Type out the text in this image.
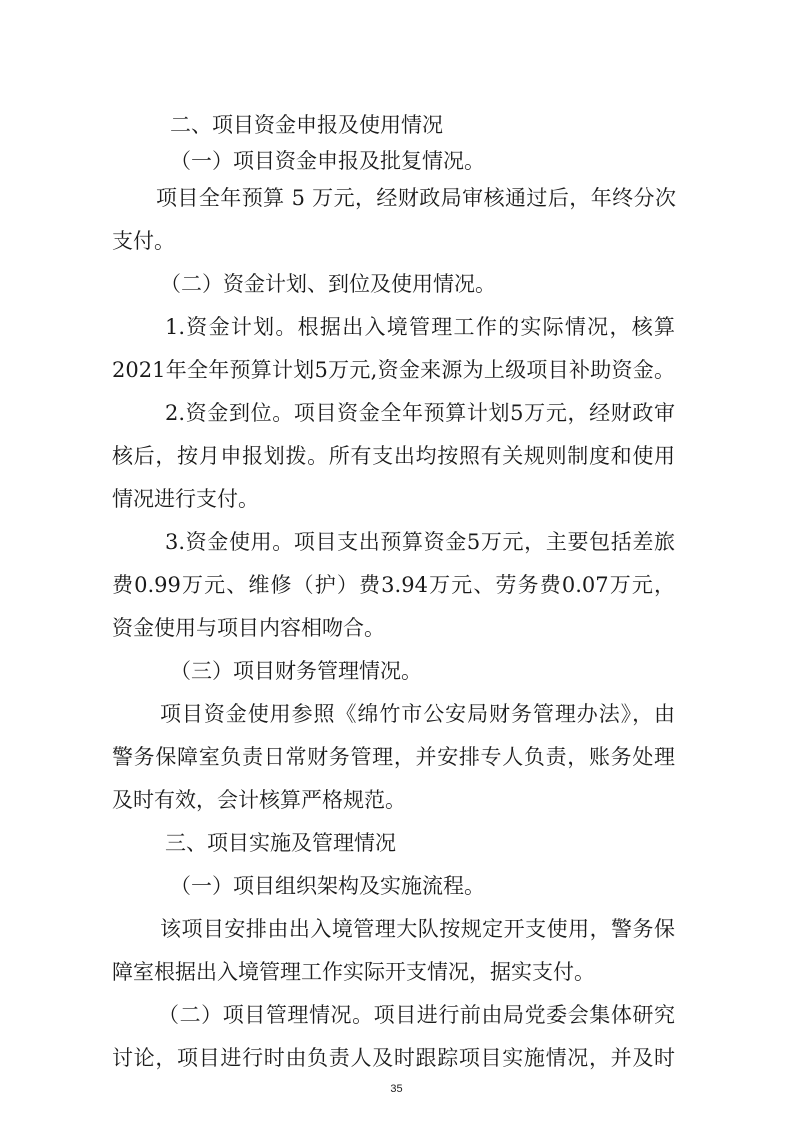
二、项目资金申报及使用情况
（一）项目资金申报及批复情况。
项目全年预算 5 万元，经财政局审核通过后，年终分次
支付。
（二）资金计划、到位及使用情况。
1.资金计划。根据出入境管理工作的实际情况，核算
2021年全年预算计划5万元,资金来源为上级项目补助资金。
2.资金到位。项目资金全年预算计划5万元，经财政审
核后，按月申报划拨。所有支出均按照有关规则制度和使用
情况进行支付。
3.资金使用。项目支出预算资金5万元，主要包括差旅
费0.99万元、维修（护）费3.94万元、劳务费0.07万元，
资金使用与项目内容相吻合。
（三）项目财务管理情况。
项目资金使用参照《绵竹市公安局财务管理办法》，由
警务保障室负责日常财务管理，并安排专人负责，账务处理
及时有效，会计核算严格规范。
三、项目实施及管理情况
（一）项目组织架构及实施流程。
该项目安排由出入境管理大队按规定开支使用，警务保
障室根据出入境管理工作实际开支情况，据实支付。
（二）项目管理情况。项目进行前由局党委会集体研究
讨论，项目进行时由负责人及时跟踪项目实施情况，并及时
35
